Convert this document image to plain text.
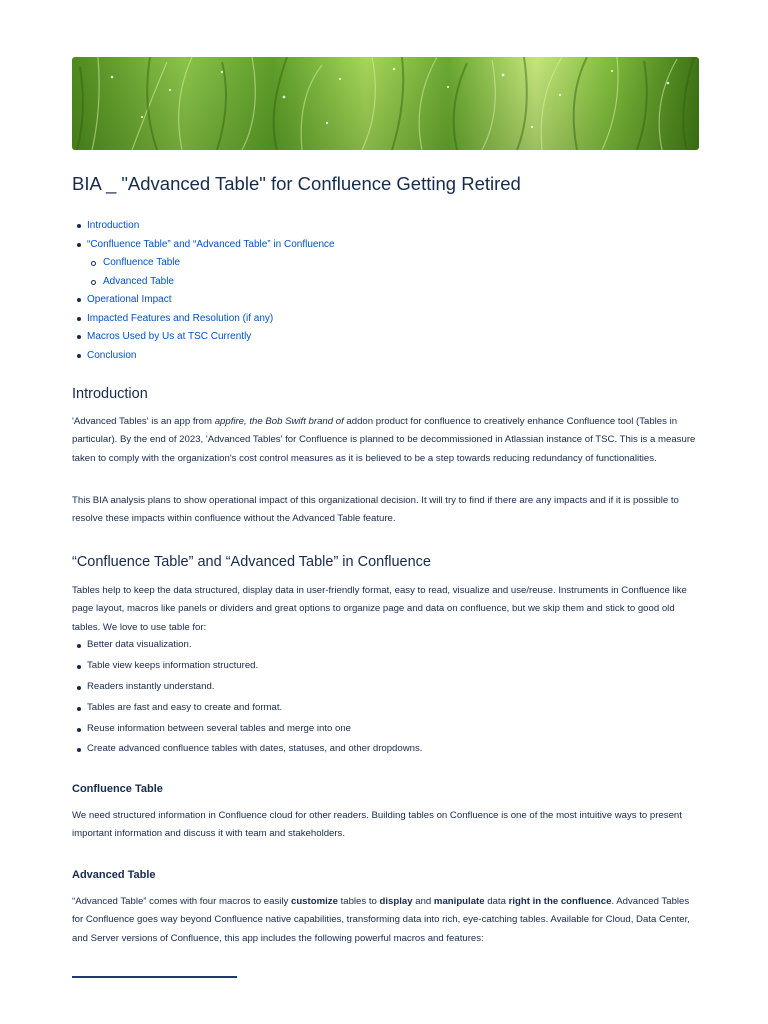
BIA _ "Advanced Table" for Confluence Getting Retired
Introduction
“Confluence Table” and “Advanced Table” in Confluence
Confluence Table
Advanced Table
Operational Impact
Impacted Features and Resolution (if any)
Macros Used by Us at TSC Currently
Conclusion
Introduction

'Advanced Tables' is an app from appfire, the Bob Swift brand of addon product for confluence to creatively enhance Confluence tool (Tables in particular). By the end of 2023, 'Advanced Tables' for Confluence is planned to be decommissioned in Atlassian instance of TSC. This is a measure taken to comply with the organization's cost control measures as it is believed to be a step towards reducing redundancy of functionalities.

This BIA analysis plans to show operational impact of this organizational decision. It will try to find if there are any impacts and if it is possible to resolve these impacts within confluence without the Advanced Table feature.

“Confluence Table” and “Advanced Table” in Confluence

Tables help to keep the data structured, display data in user-friendly format, easy to read, visualize and use/reuse. Instruments in Confluence like page layout, macros like panels or dividers and great options to organize page and data on confluence, but we skip them and stick to good old tables. We love to use table for:

Better data visualization.
Table view keeps information structured.
Readers instantly understand.
Tables are fast and easy to create and format.
Reuse information between several tables and merge into one
Create advanced confluence tables with dates, statuses, and other dropdowns.
Confluence Table

We need structured information in Confluence cloud for other readers. Building tables on Confluence is one of the most intuitive ways to present important information and discuss it with team and stakeholders.

Advanced Table

“Advanced Table” comes with four macros to easily customize tables to display and manipulate data right in the confluence. Advanced Tables for Confluence goes way beyond Confluence native capabilities, transforming data into rich, eye-catching tables. Available for Cloud, Data Center, and Server versions of Confluence, this app includes the following powerful macros and features:
